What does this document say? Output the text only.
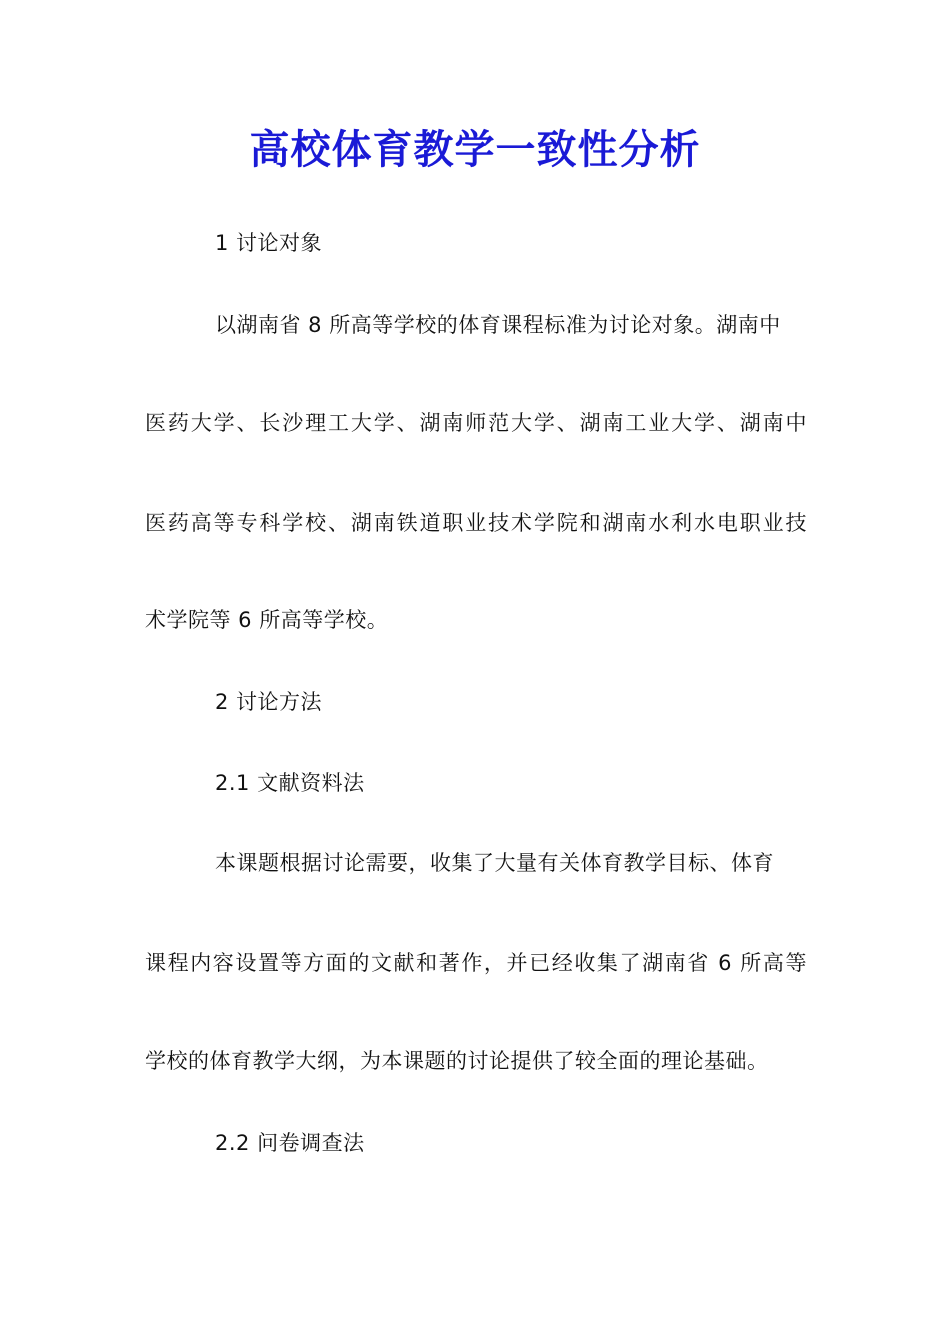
高校体育教学一致性分析
1 讨论对象
以湖南省 8 所高等学校的体育课程标准为讨论对象。湖南中
医药大学、长沙理工大学、湖南师范大学、湖南工业大学、湖南中
医药高等专科学校、湖南铁道职业技术学院和湖南水利水电职业技
术学院等 6 所高等学校。
2 讨论方法
2.1 文献资料法
本课题根据讨论需要，收集了大量有关体育教学目标、体育
课程内容设置等方面的文献和著作，并已经收集了湖南省 6 所高等
学校的体育教学大纲，为本课题的讨论提供了较全面的理论基础。
2.2 问卷调查法
